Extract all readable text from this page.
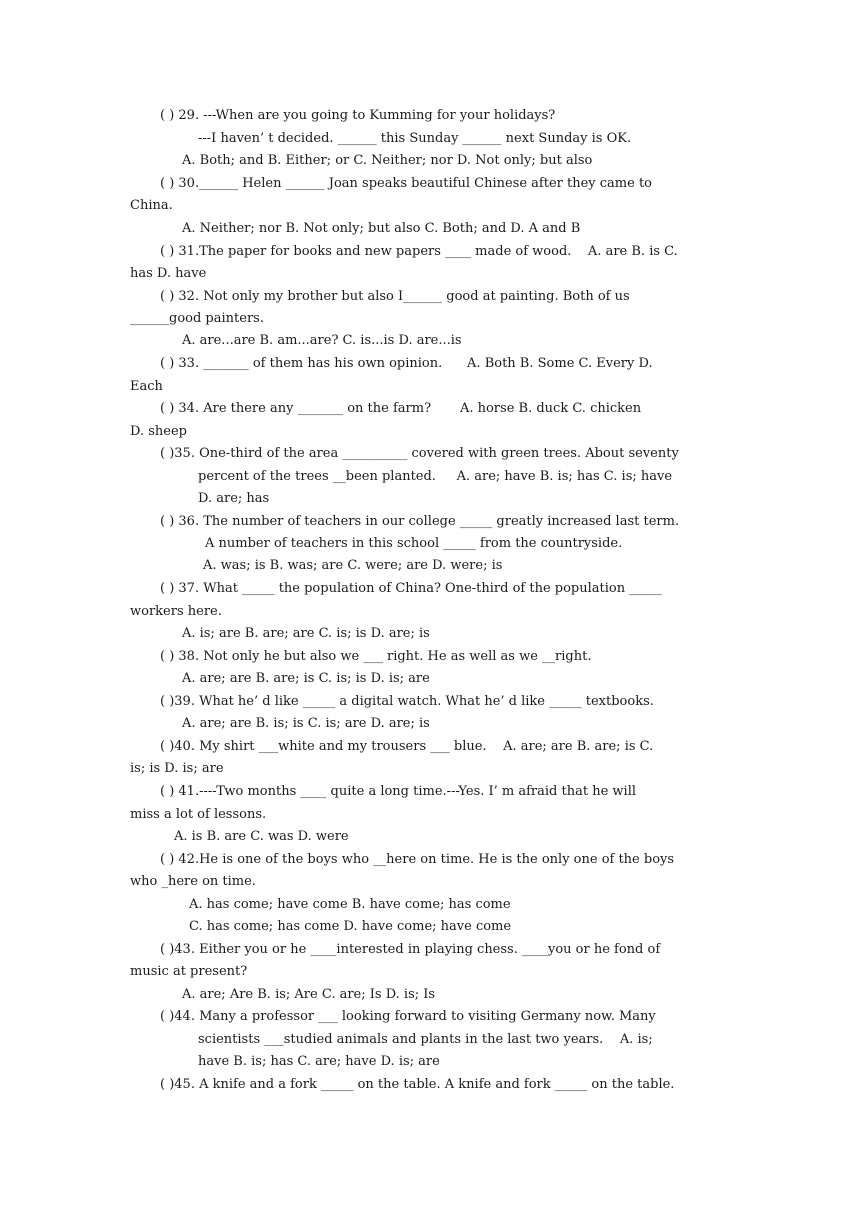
( ) 29. ---When are you going to Kumming for your holidays?
---I haven’ t decided. ______ this Sunday ______ next Sunday is OK.
A. Both; and B. Either; or C. Neither; nor D. Not only; but also
( ) 30.______ Helen ______ Joan speaks beautiful Chinese after they came to
China.
A. Neither; nor B. Not only; but also C. Both; and D. A and B
( ) 31.The paper for books and new papers ____ made of wood.    A. are B. is C.
has D. have
( ) 32. Not only my brother but also I______ good at painting. Both of us
______good painters.
A. are...are B. am...are? C. is...is D. are...is
( ) 33. _______ of them has his own opinion.      A. Both B. Some C. Every D.
Each
( ) 34. Are there any _______ on the farm?       A. horse B. duck C. chicken
D. sheep
( )35. One-third of the area __________ covered with green trees. About seventy
percent of the trees __been planted.     A. are; have B. is; has C. is; have
D. are; has
( ) 36. The number of teachers in our college _____ greatly increased last term.
A number of teachers in this school _____ from the countryside.
A. was; is B. was; are C. were; are D. were; is
( ) 37. What _____ the population of China? One-third of the population _____
workers here.
A. is; are B. are; are C. is; is D. are; is
( ) 38. Not only he but also we ___ right. He as well as we __right.
A. are; are B. are; is C. is; is D. is; are
( )39. What he’ d like _____ a digital watch. What he’ d like _____ textbooks.
A. are; are B. is; is C. is; are D. are; is
( )40. My shirt ___white and my trousers ___ blue.    A. are; are B. are; is C.
is; is D. is; are
( ) 41.----Two months ____ quite a long time.---Yes. I’ m afraid that he will
miss a lot of lessons.
A. is B. are C. was D. were
( ) 42.He is one of the boys who __here on time. He is the only one of the boys
who _here on time.
A. has come; have come B. have come; has come
C. has come; has come D. have come; have come
( )43. Either you or he ____interested in playing chess. ____you or he fond of
music at present?
A. are; Are B. is; Are C. are; Is D. is; Is
( )44. Many a professor ___ looking forward to visiting Germany now. Many
scientists ___studied animals and plants in the last two years.    A. is;
have B. is; has C. are; have D. is; are
( )45. A knife and a fork _____ on the table. A knife and fork _____ on the table.
